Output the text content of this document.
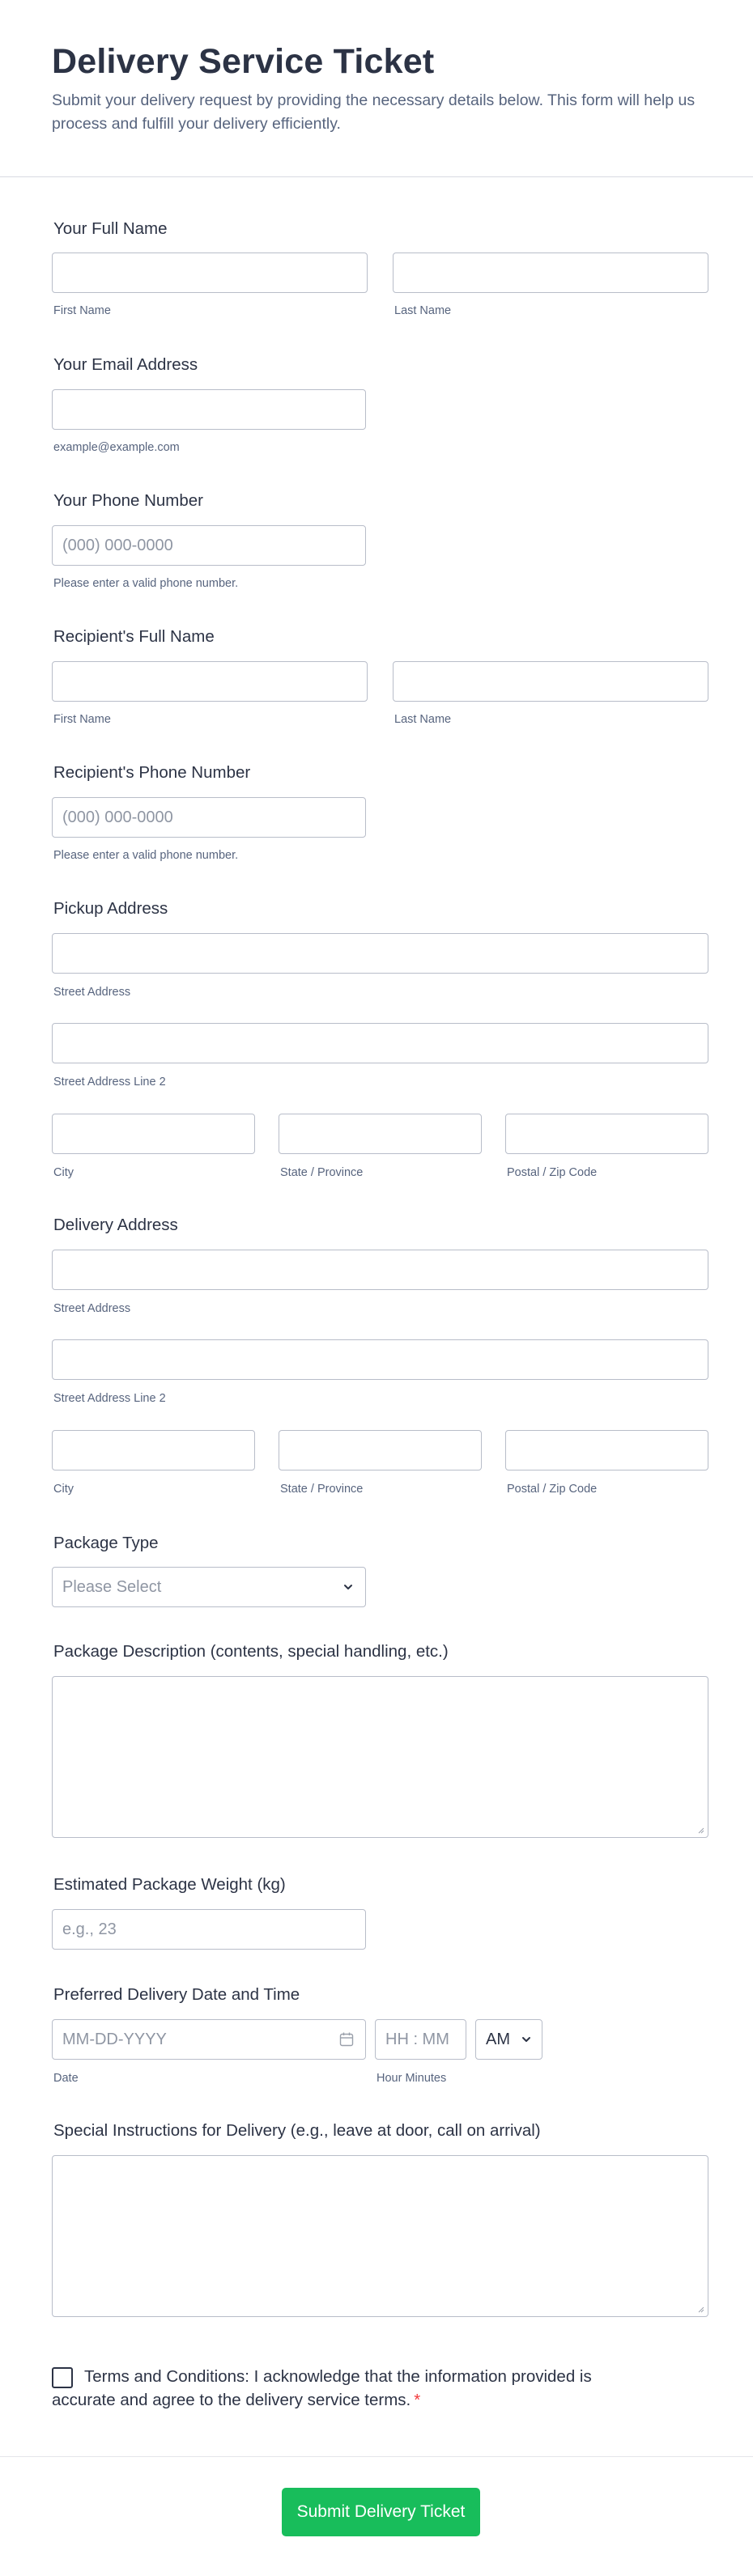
Delivery Service Ticket
Submit your delivery request by providing the necessary details below. This form will help us process and fulfill your delivery efficiently.
Your Full Name
First Name	Last Name
Your Email Address
example@example.com
Your Phone Number
(000) 000-0000
Please enter a valid phone number.
Recipient's Full Name
First Name	Last Name
Recipient's Phone Number
(000) 000-0000
Please enter a valid phone number.
Pickup Address
Street Address
Street Address Line 2
City	State / Province	Postal / Zip Code
Delivery Address
Street Address
Street Address Line 2
City	State / Province	Postal / Zip Code
Package Type
Please Select
Package Description (contents, special handling, etc.)
Estimated Package Weight (kg)
e.g., 23
Preferred Delivery Date and Time
MM-DD-YYYY	HH : MM AM
Date	Hour Minutes
Special Instructions for Delivery (e.g., leave at door, call on arrival)
Terms and Conditions: I acknowledge that the information provided is accurate and agree to the delivery service terms. *
Submit Delivery Ticket
